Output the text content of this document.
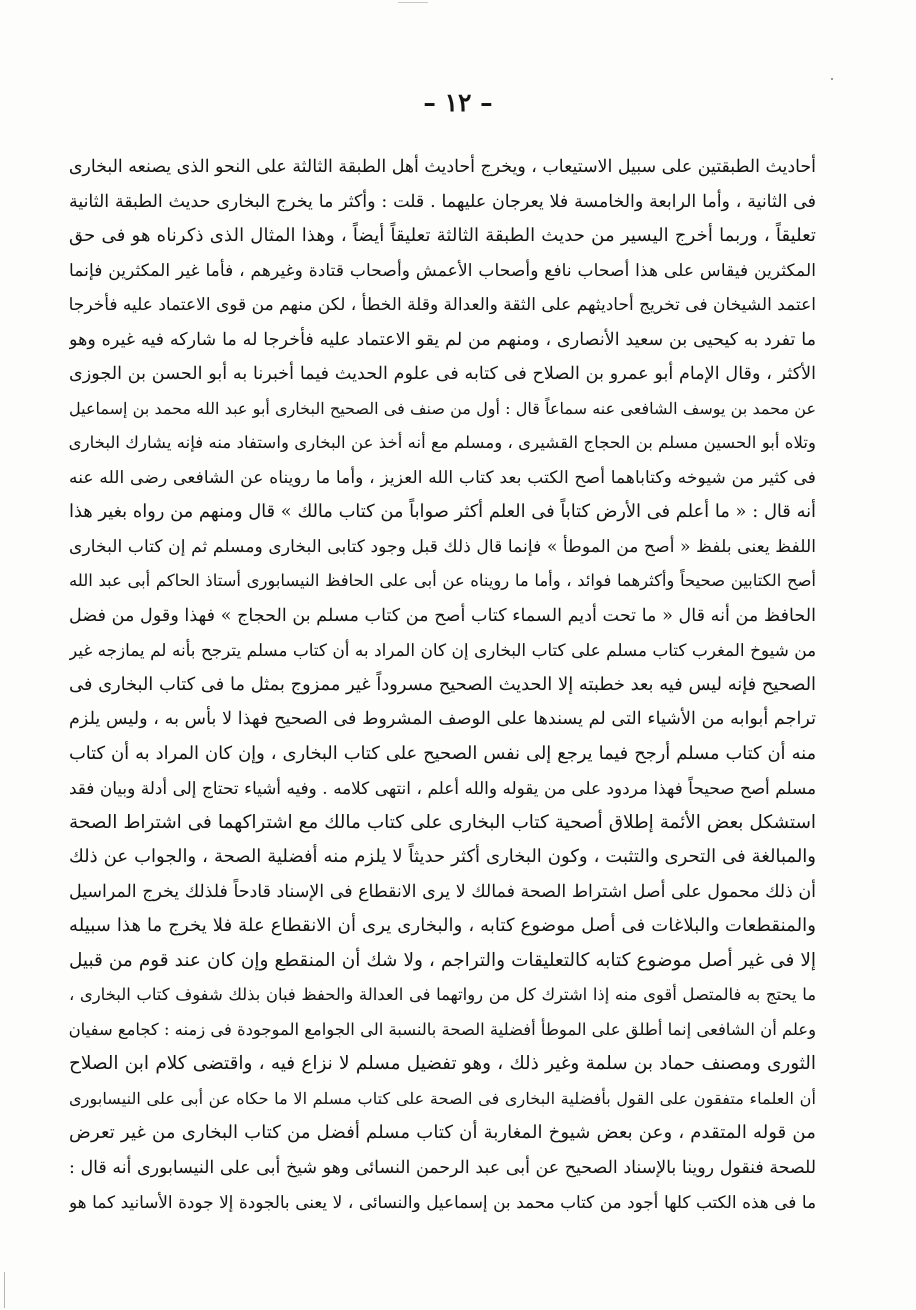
– ١٢ –
أحاديث الطبقتين على سبيل الاستيعاب ، ويخرج أحاديث أهل الطبقة الثالثة على النحو الذى يصنعه البخارى
فى الثانية ، وأما الرابعة والخامسة فلا يعرجان عليهما . قلت : وأكثر ما يخرج البخارى حديث الطبقة الثانية
تعليقاً ، وربما أخرج اليسير من حديث الطبقة الثالثة تعليقاً أيضاً ، وهذا المثال الذى ذكرناه هو فى حق
المكثرين فيقاس على هذا أصحاب نافع وأصحاب الأعمش وأصحاب قتادة وغيرهم ، فأما غير المكثرين فإنما
اعتمد الشيخان فى تخريج أحاديثهم على الثقة والعدالة وقلة الخطأ ، لكن منهم من قوى الاعتماد عليه فأخرجا
ما تفرد به كيحيى بن سعيد الأنصارى ، ومنهم من لم يقو الاعتماد عليه فأخرجا له ما شاركه فيه غيره وهو
الأكثر ، وقال الإمام أبو عمرو بن الصلاح فى كتابه فى علوم الحديث فيما أخبرنا به أبو الحسن بن الجوزى
عن محمد بن يوسف الشافعى عنه سماعاً قال : أول من صنف فى الصحيح البخارى أبو عبد الله محمد بن إسماعيل
وتلاه أبو الحسين مسلم بن الحجاج القشيرى ، ومسلم مع أنه أخذ عن البخارى واستفاد منه فإنه يشارك البخارى
فى كثير من شيوخه وكتاباهما أصح الكتب بعد كتاب الله العزيز ، وأما ما رويناه عن الشافعى رضى الله عنه
أنه قال : « ما أعلم فى الأرض كتاباً فى العلم أكثر صواباً من كتاب مالك » قال ومنهم من رواه بغير هذا
اللفظ يعنى بلفظ « أصح من الموطأ » فإنما قال ذلك قبل وجود كتابى البخارى ومسلم ثم إن كتاب البخارى
أصح الكتابين صحيحاً وأكثرهما فوائد ، وأما ما رويناه عن أبى على الحافظ النيسابورى أستاذ الحاكم أبى عبد الله
الحافظ من أنه قال « ما تحت أديم السماء كتاب أصح من كتاب مسلم بن الحجاج » فهذا وقول من فضل
من شيوخ المغرب كتاب مسلم على كتاب البخارى إن كان المراد به أن كتاب مسلم يترجح بأنه لم يمازجه غير
الصحيح فإنه ليس فيه بعد خطبته إلا الحديث الصحيح مسروداً غير ممزوج بمثل ما فى كتاب البخارى فى
تراجم أبوابه من الأشياء التى لم يسندها على الوصف المشروط فى الصحيح فهذا لا بأس به ، وليس يلزم
منه أن كتاب مسلم أرجح فيما يرجع إلى نفس الصحيح على كتاب البخارى ، وإن كان المراد به أن كتاب
مسلم أصح صحيحاً فهذا مردود على من يقوله والله أعلم ، انتهى كلامه . وفيه أشياء تحتاج إلى أدلة وبيان فقد
استشكل بعض الأئمة إطلاق أصحية كتاب البخارى على كتاب مالك مع اشتراكهما فى اشتراط الصحة
والمبالغة فى التحرى والتثبت ، وكون البخارى أكثر حديثاً لا يلزم منه أفضلية الصحة ، والجواب عن ذلك
أن ذلك محمول على أصل اشتراط الصحة فمالك لا يرى الانقطاع فى الإسناد قادحاً فلذلك يخرج المراسيل
والمنقطعات والبلاغات فى أصل موضوع كتابه ، والبخارى يرى أن الانقطاع علة فلا يخرج ما هذا سبيله
إلا فى غير أصل موضوع كتابه كالتعليقات والتراجم ، ولا شك أن المنقطع وإن كان عند قوم من قبيل
ما يحتج به فالمتصل أقوى منه إذا اشترك كل من رواتهما فى العدالة والحفظ فبان بذلك شفوف كتاب البخارى ،
وعلم أن الشافعى إنما أطلق على الموطأ أفضلية الصحة بالنسبة الى الجوامع الموجودة فى زمنه : كجامع سفيان
الثورى ومصنف حماد بن سلمة وغير ذلك ، وهو تفضيل مسلم لا نزاع فيه ، واقتضى كلام ابن الصلاح
أن العلماء متفقون على القول بأفضلية البخارى فى الصحة على كتاب مسلم الا ما حكاه عن أبى على النيسابورى
من قوله المتقدم ، وعن بعض شيوخ المغاربة أن كتاب مسلم أفضل من كتاب البخارى من غير تعرض
للصحة فنقول روينا بالإسناد الصحيح عن أبى عبد الرحمن النسائى وهو شيخ أبى على النيسابورى أنه قال :
ما فى هذه الكتب كلها أجود من كتاب محمد بن إسماعيل والنسائى ، لا يعنى بالجودة إلا جودة الأسانيد كما هو
